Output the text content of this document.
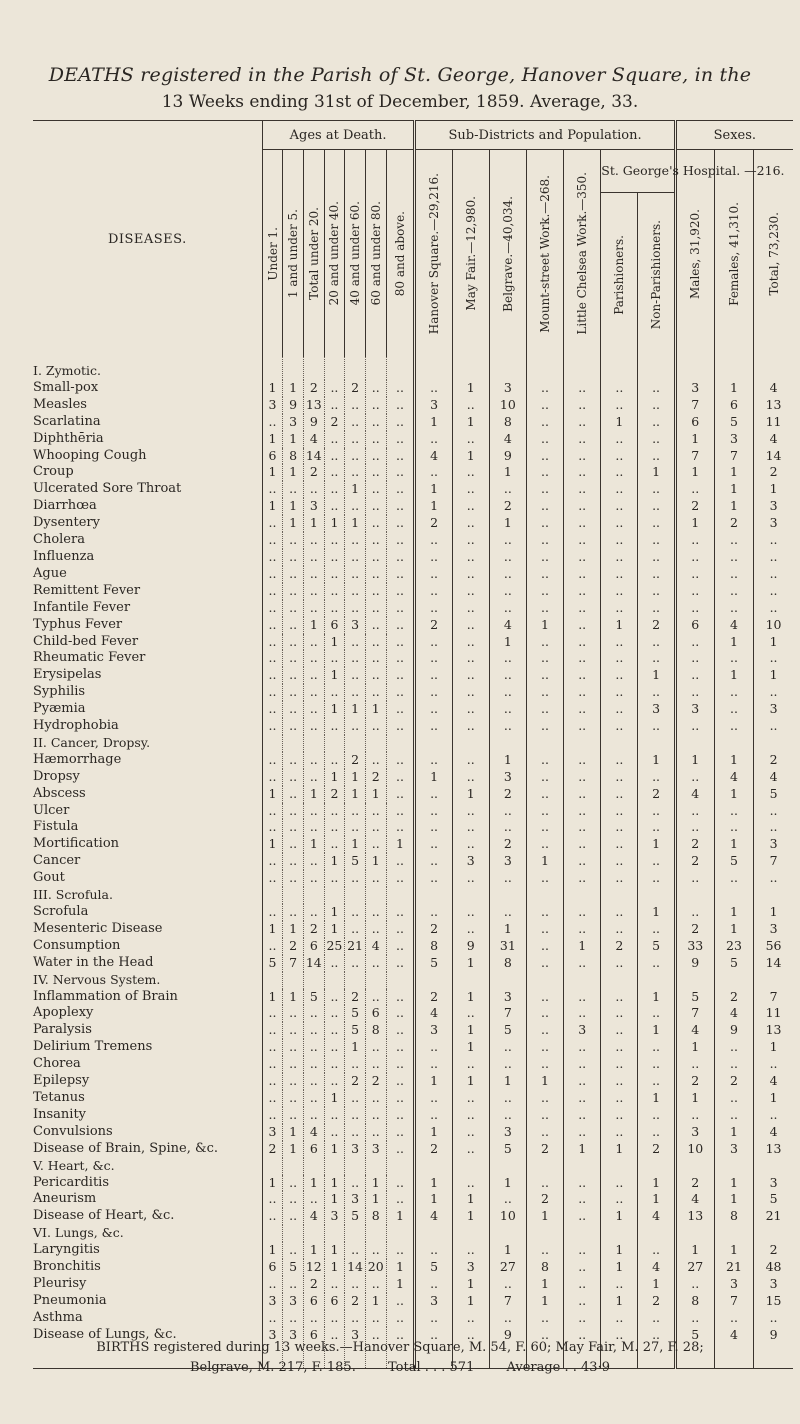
DEATHS registered in the Parish of St. George, Hanover Square, in the
13 Weeks ending 31st of December, 1859. Average, 33.
DISEASES.	Ages at Death.							Sub-Districts and Population.							Sexes.		

	Under 1.	1 and under 5.	Total under 20.	20 and under 40.	40 and under 60.	60 and under 80.	80 and above.	Hanover Square.—29,216.	May Fair.—12,980.	Belgrave.—40,034.	Mount-street Work.—268.	Little Chelsea Work.—350.	St. George's Hospital. —216.		Males, 31,920.	Females, 41,310.	Total, 73,230.

													Parishioners.	Non-Parishioners.			

I. Zymotic.																	
Small-pox	1	1	2	..	2	..	..	..	1	3	..	..	..	..	3	1	4
Measles	3	9	13	..	..	..	..	3	..	10	..	..	..	..	7	6	13
Scarlatina	..	3	9	2	..	..	..	1	1	8	..	..	1	..	6	5	11
Diphthēria	1	1	4	..	..	..	..	..	..	4	..	..	..	..	1	3	4
Whooping Cough	6	8	14	..	..	..	..	4	1	9	..	..	..	..	7	7	14
Croup	1	1	2	..	..	..	..	..	..	1	..	..	..	1	1	1	2
Ulcerated Sore Throat	..	..	..	..	1	..	..	1	..	..	..	..	..	..	..	1	1
Diarrhœa	1	1	3	..	..	..	..	1	..	2	..	..	..	..	2	1	3
Dysentery	..	1	1	1	1	..	..	2	..	1	..	..	..	..	1	2	3
Cholera	..	..	..	..	..	..	..	..	..	..	..	..	..	..	..	..	..
Influenza	..	..	..	..	..	..	..	..	..	..	..	..	..	..	..	..	..
Ague	..	..	..	..	..	..	..	..	..	..	..	..	..	..	..	..	..
Remittent Fever	..	..	..	..	..	..	..	..	..	..	..	..	..	..	..	..	..
Infantile Fever	..	..	..	..	..	..	..	..	..	..	..	..	..	..	..	..	..
Typhus Fever	..	..	1	6	3	..	..	2	..	4	1	..	1	2	6	4	10
Child-bed Fever	..	..	..	1	..	..	..	..	..	1	..	..	..	..	..	1	1
Rheumatic Fever	..	..	..	..	..	..	..	..	..	..	..	..	..	..	..	..	..
Erysipelas	..	..	..	1	..	..	..	..	..	..	..	..	..	1	..	1	1
Syphilis	..	..	..	..	..	..	..	..	..	..	..	..	..	..	..	..	..
Pyæmia	..	..	..	1	1	1	..	..	..	..	..	..	..	3	3	..	3
Hydrophobia	..	..	..	..	..	..	..	..	..	..	..	..	..	..	..	..	..
II. Cancer, Dropsy.																	
Hæmorrhage	..	..	..	..	2	..	..	..	..	1	..	..	..	1	1	1	2
Dropsy	..	..	..	1	1	2	..	1	..	3	..	..	..	..	..	4	4
Abscess	1	..	1	2	1	1	..	..	1	2	..	..	..	2	4	1	5
Ulcer	..	..	..	..	..	..	..	..	..	..	..	..	..	..	..	..	..
Fistula	..	..	..	..	..	..	..	..	..	..	..	..	..	..	..	..	..
Mortification	1	..	1	..	1	..	1	..	..	2	..	..	..	1	2	1	3
Cancer	..	..	..	1	5	1	..	..	3	3	1	..	..	..	2	5	7
Gout	..	..	..	..	..	..	..	..	..	..	..	..	..	..	..	..	..
III. Scrofula.																	
Scrofula	..	..	..	1	..	..	..	..	..	..	..	..	..	1	..	1	1
Mesenteric Disease	1	1	2	1	..	..	..	2	..	1	..	..	..	..	2	1	3
Consumption	..	2	6	25	21	4	..	8	9	31	..	1	2	5	33	23	56
Water in the Head	5	7	14	..	..	..	..	5	1	8	..	..	..	..	9	5	14
IV. Nervous System.																	
Inflammation of Brain	1	1	5	..	2	..	..	2	1	3	..	..	..	1	5	2	7
Apoplexy	..	..	..	..	5	6	..	4	..	7	..	..	..	..	7	4	11
Paralysis	..	..	..	..	5	8	..	3	1	5	..	3	..	1	4	9	13
Delirium Tremens	..	..	..	..	1	..	..	..	1	..	..	..	..	..	1	..	1
Chorea	..	..	..	..	..	..	..	..	..	..	..	..	..	..	..	..	..
Epilepsy	..	..	..	..	2	2	..	1	1	1	1	..	..	..	2	2	4
Tetanus	..	..	..	1	..	..	..	..	..	..	..	..	..	1	1	..	1
Insanity	..	..	..	..	..	..	..	..	..	..	..	..	..	..	..	..	..
Convulsions	3	1	4	..	..	..	..	1	..	3	..	..	..	..	3	1	4
Disease of Brain, Spine, &c.	2	1	6	1	3	3	..	2	..	5	2	1	1	2	10	3	13
V. Heart, &c.																	
Pericarditis	1	..	1	1	..	1	..	1	..	1	..	..	..	1	2	1	3
Aneurism	..	..	..	1	3	1	..	1	1	..	2	..	..	1	4	1	5
Disease of Heart, &c.	..	..	4	3	5	8	1	4	1	10	1	..	1	4	13	8	21
VI. Lungs, &c.																	
Laryngitis	1	..	1	1	..	..	..	..	..	1	..	..	1	..	1	1	2
Bronchitis	6	5	12	1	14	20	1	5	3	27	8	..	1	4	27	21	48
Pleurisy	..	..	2	..	..	..	1	..	1	..	1	..	..	1	..	3	3
Pneumonia	3	3	6	6	2	1	..	3	1	7	1	..	1	2	8	7	15
Asthma	..	..	..	..	..	..	..	..	..	..	..	..	..	..	..	..	..
Disease of Lungs, &c.	3	3	6	..	3	..	..	..	..	9	..	..	..	..	5	4	9
BIRTHS registered during 13 weeks.—Hanover Square, M. 54, F. 60; May Fair, M. 27, F. 28;
Belgrave, M. 217, F. 185. Total . . . 571 Average . . 43·9
